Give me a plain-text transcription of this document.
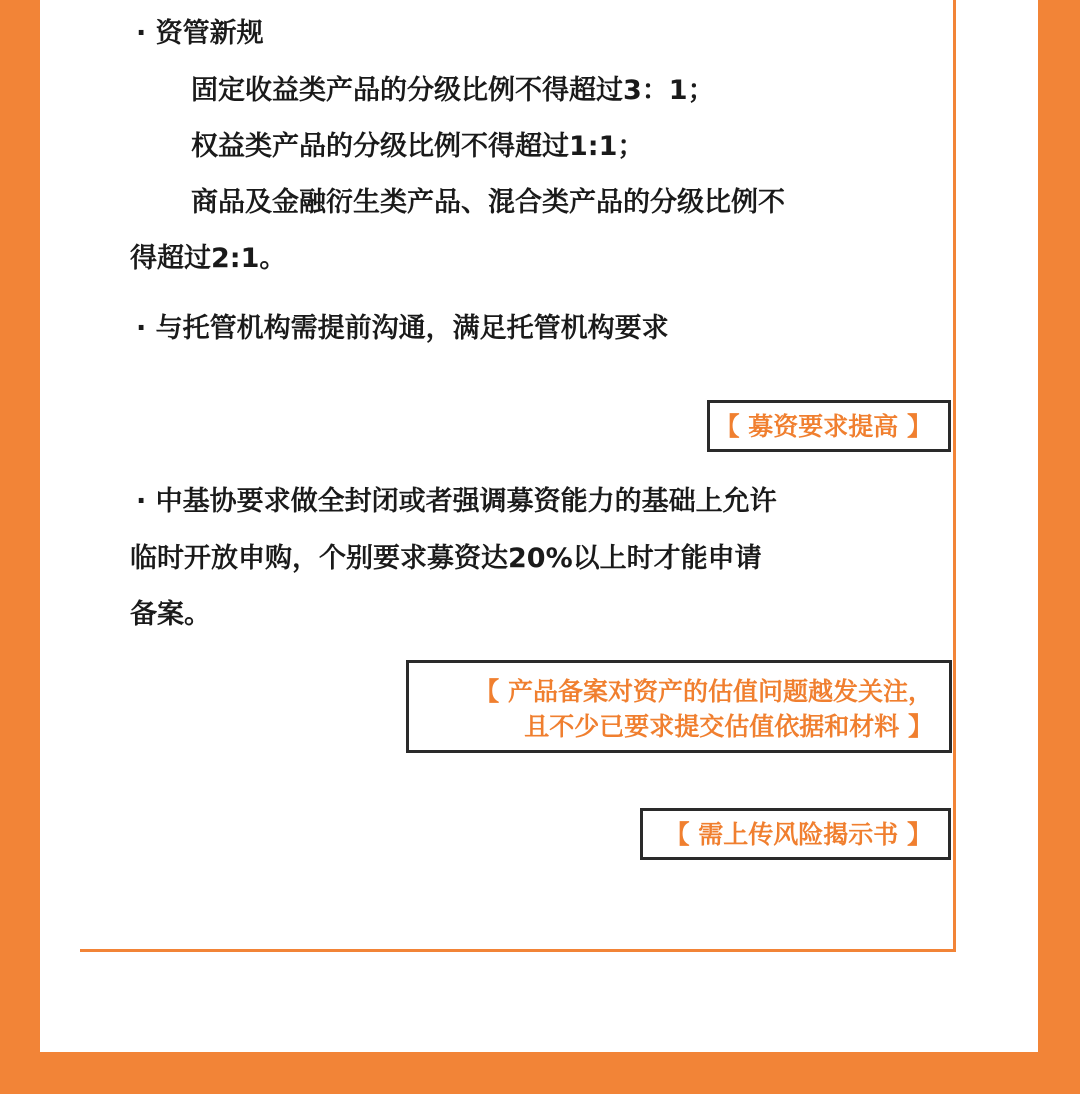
· 资管新规
固定收益类产品的分级比例不得超过3：1；
权益类产品的分级比例不得超过1:1；
商品及金融衍生类产品、混合类产品的分级比例不
得超过2:1。
· 与托管机构需提前沟通，满足托管机构要求
【 募资要求提高 】
· 中基协要求做全封闭或者强调募资能力的基础上允许
临时开放申购，个别要求募资达20%以上时才能申请
备案。
【 产品备案对资产的估值问题越发关注，
且不少已要求提交估值依据和材料 】
【 需上传风险揭示书 】
